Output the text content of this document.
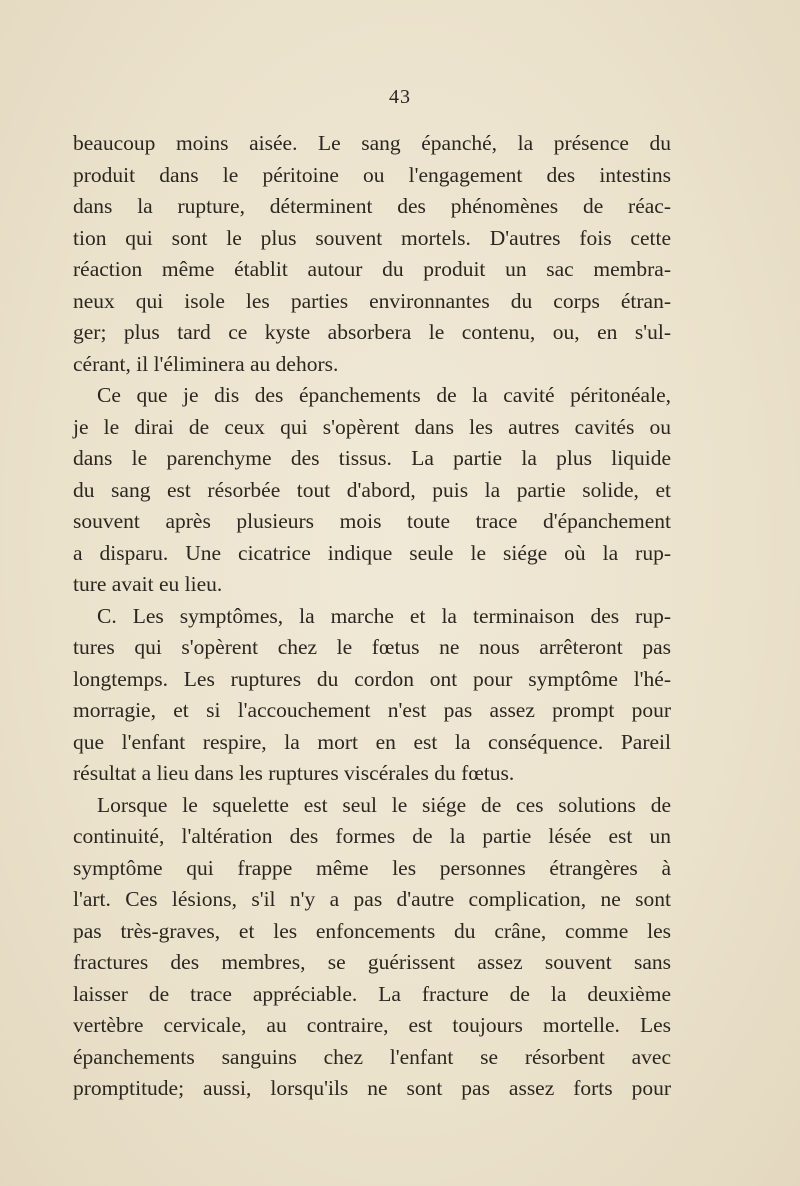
43
beaucoup moins aisée. Le sang épanché, la présence du
produit dans le péritoine ou l'engagement des intestins
dans la rupture, déterminent des phénomènes de réac-
tion qui sont le plus souvent mortels. D'autres fois cette
réaction même établit autour du produit un sac membra-
neux qui isole les parties environnantes du corps étran-
ger; plus tard ce kyste absorbera le contenu, ou, en s'ul-
cérant, il l'éliminera au dehors.
Ce que je dis des épanchements de la cavité péritonéale,
je le dirai de ceux qui s'opèrent dans les autres cavités ou
dans le parenchyme des tissus. La partie la plus liquide
du sang est résorbée tout d'abord, puis la partie solide, et
souvent après plusieurs mois toute trace d'épanchement
a disparu. Une cicatrice indique seule le siége où la rup-
ture avait eu lieu.
C. Les symptômes, la marche et la terminaison des rup-
tures qui s'opèrent chez le fœtus ne nous arrêteront pas
longtemps. Les ruptures du cordon ont pour symptôme l'hé-
morragie, et si l'accouchement n'est pas assez prompt pour
que l'enfant respire, la mort en est la conséquence. Pareil
résultat a lieu dans les ruptures viscérales du fœtus.
Lorsque le squelette est seul le siége de ces solutions de
continuité, l'altération des formes de la partie lésée est un
symptôme qui frappe même les personnes étrangères à
l'art. Ces lésions, s'il n'y a pas d'autre complication, ne sont
pas très-graves, et les enfoncements du crâne, comme les
fractures des membres, se guérissent assez souvent sans
laisser de trace appréciable. La fracture de la deuxième
vertèbre cervicale, au contraire, est toujours mortelle. Les
épanchements sanguins chez l'enfant se résorbent avec
promptitude; aussi, lorsqu'ils ne sont pas assez forts pour
